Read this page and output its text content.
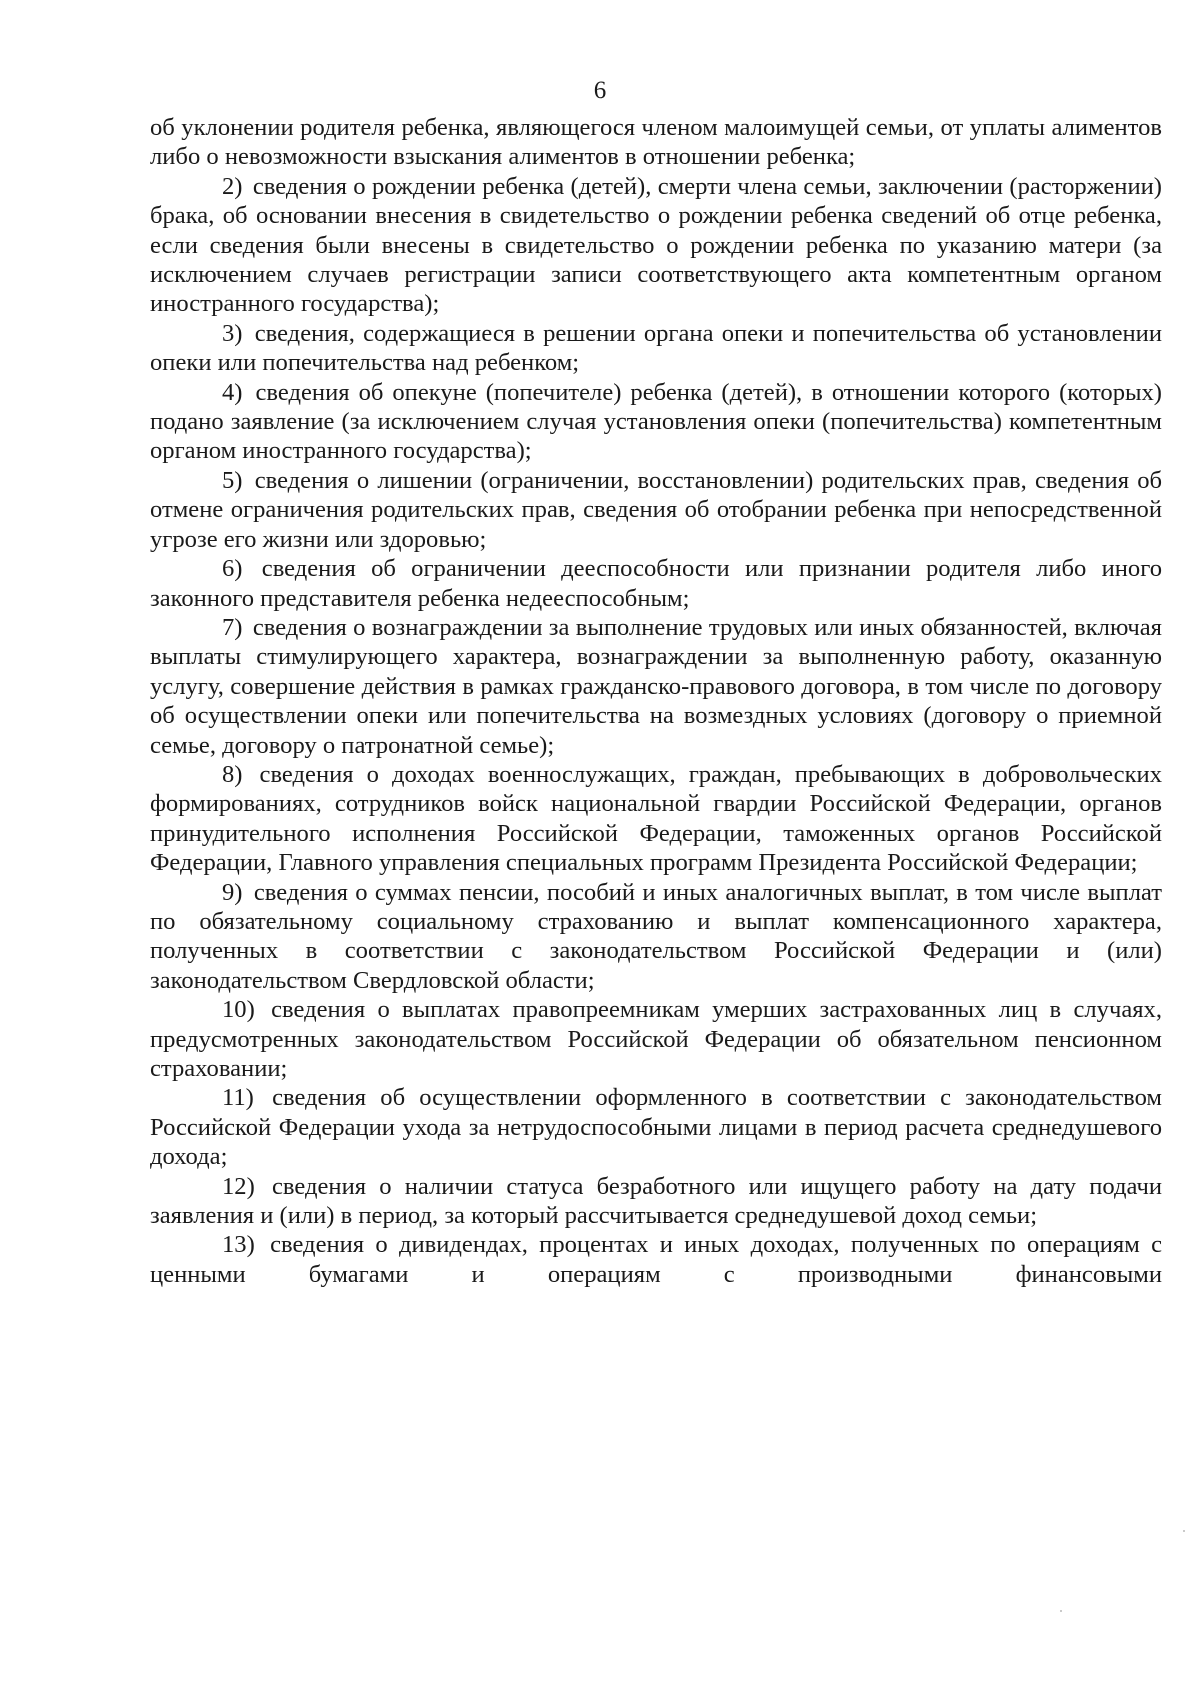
6

об уклонении родителя ребенка, являющегося членом малоимущей семьи, от уплаты алиментов либо о невозможности взыскания алиментов в отношении ребенка;

2) сведения о рождении ребенка (детей), смерти члена семьи, заключении (расторжении) брака, об основании внесения в свидетельство о рождении ребенка сведений об отце ребенка, если сведения были внесены в свидетельство о рождении ребенка по указанию матери (за исключением случаев регистрации записи соответствующего акта компетентным органом иностранного государства);

3) сведения, содержащиеся в решении органа опеки и попечительства об установлении опеки или попечительства над ребенком;

4) сведения об опекуне (попечителе) ребенка (детей), в отношении которого (которых) подано заявление (за исключением случая установления опеки (попечительства) компетентным органом иностранного государства);

5) сведения о лишении (ограничении, восстановлении) родительских прав, сведения об отмене ограничения родительских прав, сведения об отобрании ребенка при непосредственной угрозе его жизни или здоровью;

6) сведения об ограничении дееспособности или признании родителя либо иного законного представителя ребенка недееспособным;

7) сведения о вознаграждении за выполнение трудовых или иных обязанностей, включая выплаты стимулирующего характера, вознаграждении за выполненную работу, оказанную услугу, совершение действия в рамках гражданско-правового договора, в том числе по договору об осуществлении опеки или попечительства на возмездных условиях (договору о приемной семье, договору о патронатной семье);

8) сведения о доходах военнослужащих, граждан, пребывающих в добровольческих формированиях, сотрудников войск национальной гвардии Российской Федерации, органов принудительного исполнения Российской Федерации, таможенных органов Российской Федерации, Главного управления специальных программ Президента Российской Федерации;

9) сведения о суммах пенсии, пособий и иных аналогичных выплат, в том числе выплат по обязательному социальному страхованию и выплат компенсационного характера, полученных в соответствии с законодательством Российской Федерации и (или) законодательством Свердловской области;

10) сведения о выплатах правопреемникам умерших застрахованных лиц в случаях, предусмотренных законодательством Российской Федерации об обязательном пенсионном страховании;

11) сведения об осуществлении оформленного в соответствии с законодательством Российской Федерации ухода за нетрудоспособными лицами в период расчета среднедушевого дохода;

12) сведения о наличии статуса безработного или ищущего работу на дату подачи заявления и (или) в период, за который рассчитывается среднедушевой доход семьи;

13) сведения о дивидендах, процентах и иных доходах, полученных по операциям с ценными бумагами и операциям с производными финансовыми
